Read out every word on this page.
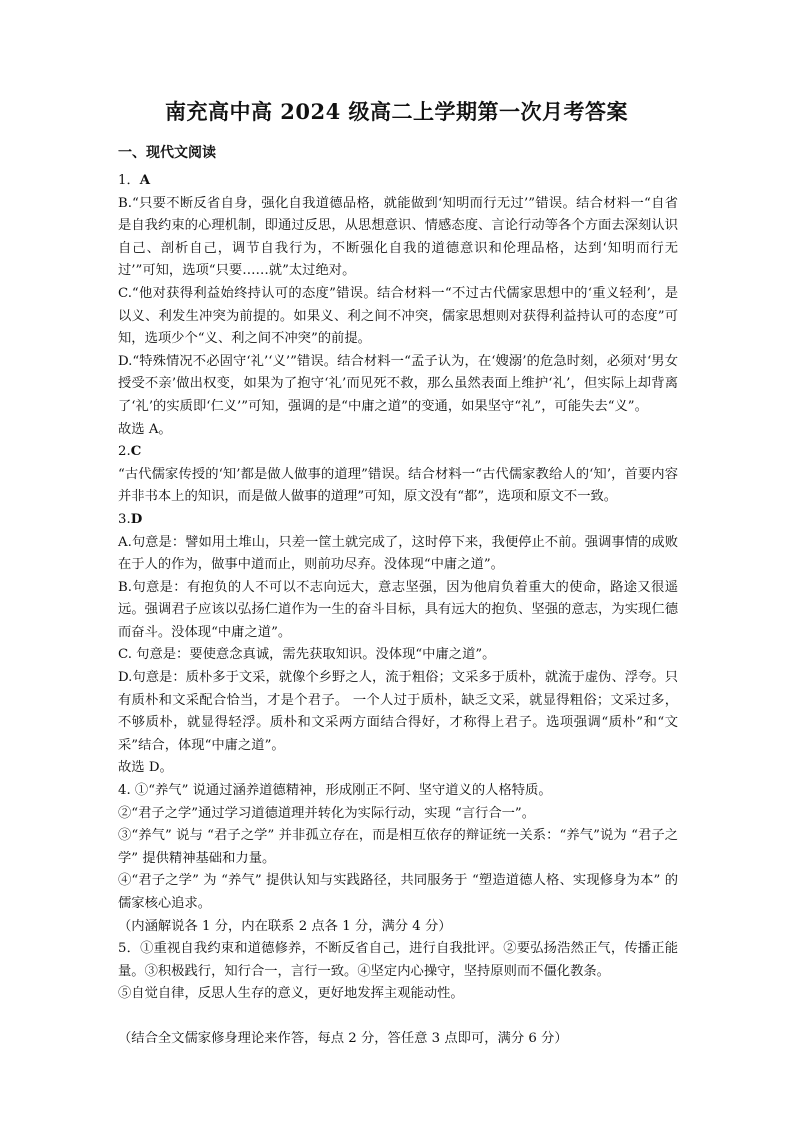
南充高中高 2024 级高二上学期第一次月考答案
一、现代文阅读

1．A

B.“只要不断反省自身，强化自我道德品格，就能做到‘知明而行无过’”错误。结合材料一“自省是自我约束的心理机制，即通过反思，从思想意识、情感态度、言论行动等各个方面去深刻认识自己、剖析自己，调节自我行为，不断强化自我的道德意识和伦理品格，达到‘知明而行无过’”可知，选项“只要……就”太过绝对。

C.“他对获得利益始终持认可的态度”错误。结合材料一“不过古代儒家思想中的‘重义轻利’，是以义、利发生冲突为前提的。如果义、利之间不冲突，儒家思想则对获得利益持认可的态度”可知，选项少个“义、利之间不冲突”的前提。

D.“特殊情况不必固守‘礼’‘义’”错误。结合材料一“孟子认为，在‘嫂溺’的危急时刻，必须对‘男女授受不亲’做出权变，如果为了抱守‘礼’而见死不救，那么虽然表面上维护‘礼’，但实际上却背离了‘礼’的实质即‘仁义’”可知，强调的是“中庸之道”的变通，如果坚守“礼”，可能失去“义”。

故选 A。

2.C

“古代儒家传授的‘知’都是做人做事的道理”错误。结合材料一“古代儒家教给人的‘知’，首要内容并非书本上的知识，而是做人做事的道理”可知，原文没有“都”，选项和原文不一致。

3.D

A.句意是：譬如用土堆山，只差一筐土就完成了，这时停下来，我便停止不前。强调事情的成败在于人的作为，做事中道而止，则前功尽弃。没体现“中庸之道”。

B.句意是：有抱负的人不可以不志向远大，意志坚强，因为他肩负着重大的使命，路途又很遥远。强调君子应该以弘扬仁道作为一生的奋斗目标，具有远大的抱负、坚强的意志，为实现仁德而奋斗。没体现“中庸之道”。

C. 句意是：要使意念真诚，需先获取知识。没体现“中庸之道”。

D.句意是：质朴多于文采，就像个乡野之人，流于粗俗；文采多于质朴，就流于虚伪、浮夸。只有质朴和文采配合恰当，才是个君子。 一个人过于质朴，缺乏文采，就显得粗俗；文采过多，不够质朴，就显得轻浮。质朴和文采两方面结合得好，才称得上君子。选项强调“质朴”和“文采”结合，体现“中庸之道”。

故选 D。

4. ①“养气” 说通过涵养道德精神，形成刚正不阿、坚守道义的人格特质。

②“君子之学”通过学习道德道理并转化为实际行动，实现 “言行合一”。

③“养气” 说与 “君子之学” 并非孤立存在，而是相互依存的辩证统一关系：“养气”说为 “君子之学” 提供精神基础和力量。

④“君子之学” 为 “养气” 提供认知与实践路径，共同服务于 “塑造道德人格、实现修身为本” 的儒家核心追求。

（内涵解说各 1 分，内在联系 2 点各 1 分，满分 4 分）

5．①重视自我约束和道德修养，不断反省自己，进行自我批评。②要弘扬浩然正气，传播正能量。③积极践行，知行合一，言行一致。④坚定内心操守，坚持原则而不僵化教条。

⑤自觉自律，反思人生存的意义，更好地发挥主观能动性。

（结合全文儒家修身理论来作答，每点 2 分，答任意 3 点即可，满分 6 分）
